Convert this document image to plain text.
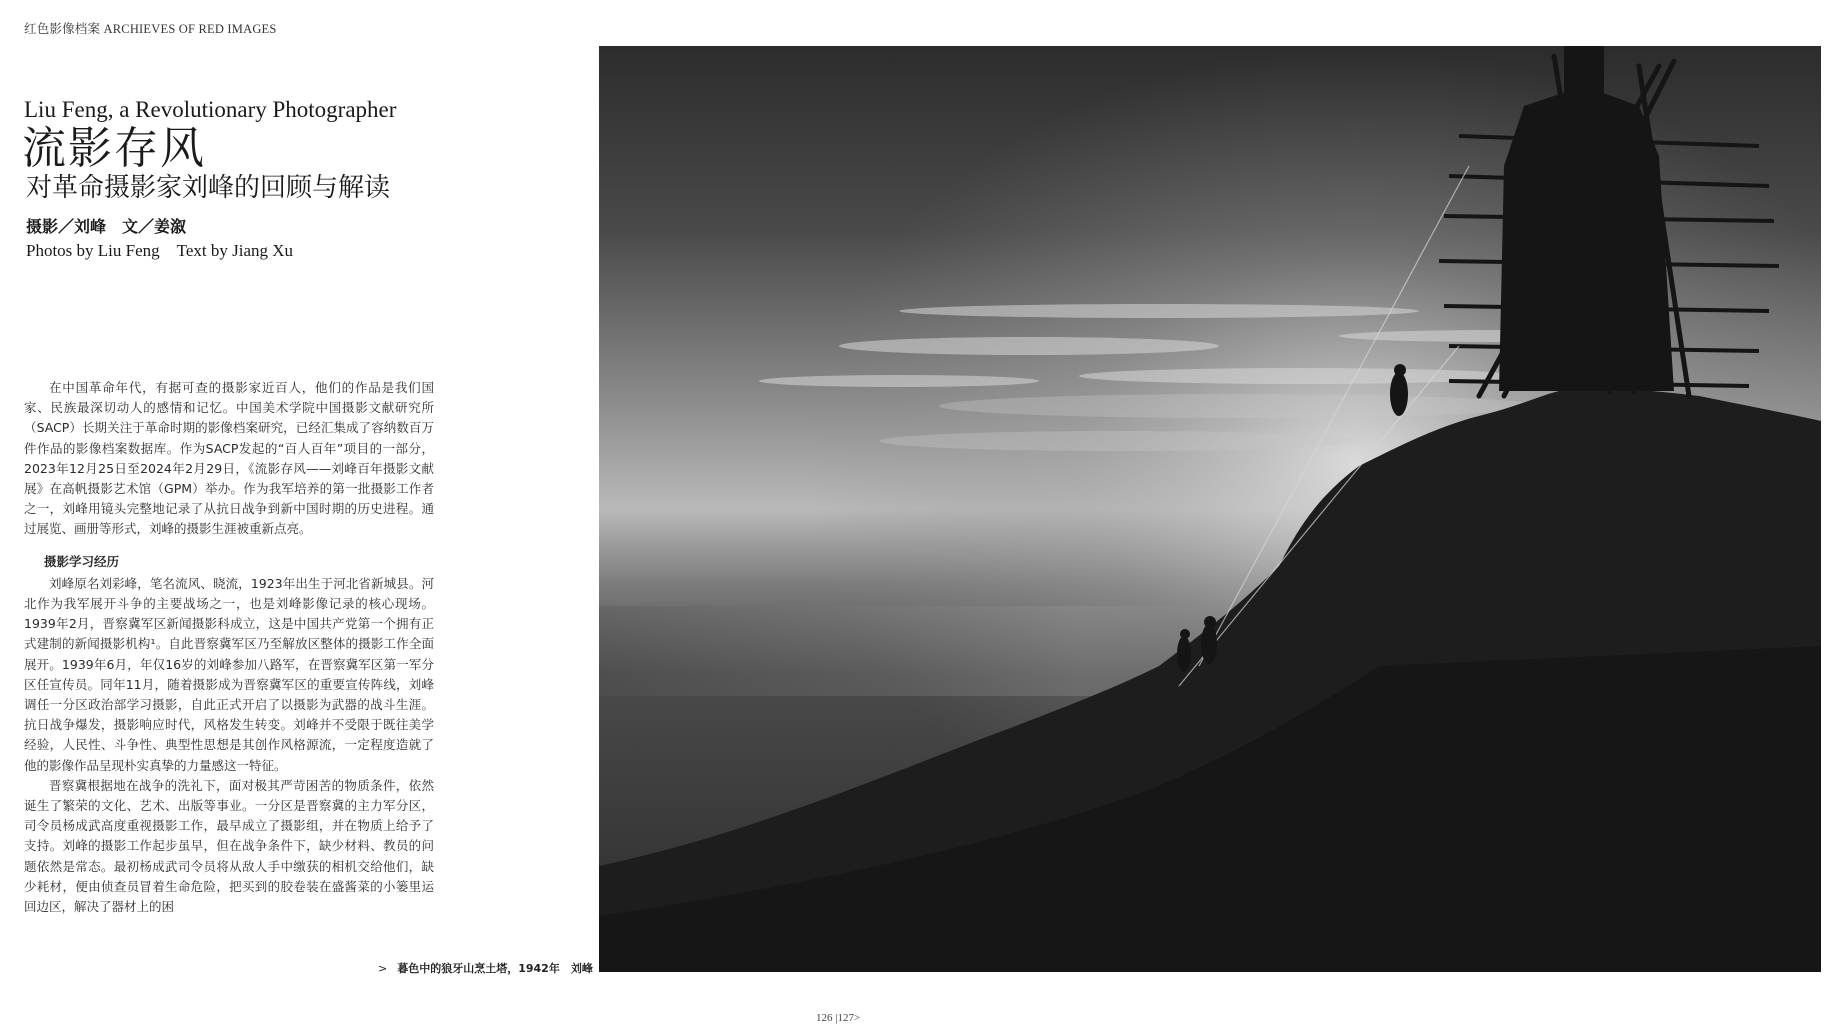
红色影像档案 ARCHIEVES OF RED IMAGES
Liu Feng, a Revolutionary Photographer
流影存风
对革命摄影家刘峰的回顾与解读
摄影／刘峰　文／姜溆
Photos by Liu Feng　Text by Jiang Xu

在中国革命年代，有据可查的摄影家近百人，他们的作品是我们国家、民族最深切动人的感情和记忆。中国美术学院中国摄影文献研究所（SACP）长期关注于革命时期的影像档案研究，已经汇集成了容纳数百万件作品的影像档案数据库。作为SACP发起的“百人百年”项目的一部分，2023年12月25日至2024年2月29日，《流影存风——刘峰百年摄影文献展》在高帆摄影艺术馆（GPM）举办。作为我军培养的第一批摄影工作者之一，刘峰用镜头完整地记录了从抗日战争到新中国时期的历史进程。通过展览、画册等形式，刘峰的摄影生涯被重新点亮。

摄影学习经历

刘峰原名刘彩峰，笔名流风、晓流，1923年出生于河北省新城县。河北作为我军展开斗争的主要战场之一，也是刘峰影像记录的核心现场。1939年2月，晋察冀军区新闻摄影科成立，这是中国共产党第一个拥有正式建制的新闻摄影机构¹。自此晋察冀军区乃至解放区整体的摄影工作全面展开。1939年6月，年仅16岁的刘峰参加八路军，在晋察冀军区第一军分区任宣传员。同年11月，随着摄影成为晋察冀军区的重要宣传阵线，刘峰调任一分区政治部学习摄影，自此正式开启了以摄影为武器的战斗生涯。抗日战争爆发，摄影响应时代，风格发生转变。刘峰并不受限于既往美学经验，人民性、斗争性、典型性思想是其创作风格源流，一定程度造就了他的影像作品呈现朴实真挚的力量感这一特征。

晋察冀根据地在战争的洗礼下，面对极其严苛困苦的物质条件，依然诞生了繁荣的文化、艺术、出版等事业。一分区是晋察冀的主力军分区，司令员杨成武高度重视摄影工作，最早成立了摄影组，并在物质上给予了支持。刘峰的摄影工作起步虽早，但在战争条件下，缺少材料、教员的问题依然是常态。最初杨成武司令员将从敌人手中缴获的相机交给他们，缺少耗材，便由侦查员冒着生命危险，把买到的胶卷装在盛酱菜的小篓里运回边区，解决了器材上的困

> 暮色中的狼牙山烹土塔，1942年　刘峰
126 |127>
